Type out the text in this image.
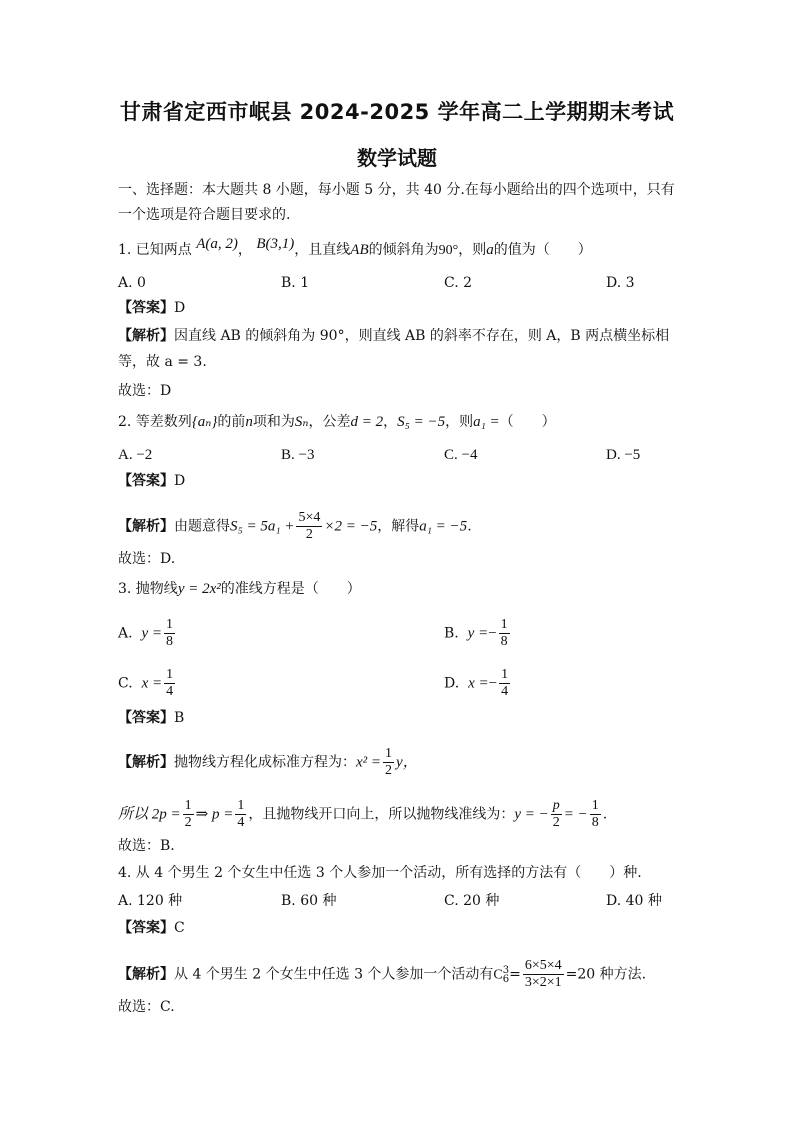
甘肃省定西市岷县 2024-2025 学年高二上学期期末考试
数学试题
一、选择题：本大题共 8 小题，每小题 5 分，共 40 分.在每小题给出的四个选项中，只有
一个选项是符合题目要求的.
1. 已知两点 A(a, 2)， B(3,1)，且直线AB的倾斜角为90°，则a的值为（　　）
A. 0	B. 1	C. 2	D. 3
【答案】D
【解析】因直线 AB 的倾斜角为 90°，则直线 AB 的斜率不存在，则 A，B 两点横坐标相
等，故 a = 3.
故选：D
2. 等差数列{aₙ}的前n项和为Sₙ，公差d = 2，S₅ = −5，则a₁ =（　　）
A. −2	B. −3	C. −4	D. −5
【答案】D
【解析】由题意得$S_5 = 5a_1 + \frac{5\times 4}{2} \times 2 = -5$，解得a₁ = −5.
故选：D.
3. 抛物线y = 2x²的准线方程是（　　）
A. $y = \frac{1}{8}$	B. $y =- \frac{1}{8}$
C. $x = \frac{1}{4}$	D. $x =- \frac{1}{4}$
【答案】B
【解析】抛物线方程化成标准方程为：$x^2 = \frac{1}{2}$ y，
所以 $2p = \frac{1}{2}$ ⇒ $p = \frac{1}{4}$ ，且抛物线开口向上，所以抛物线准线为：y = − $\frac{p}{2}$ = − $\frac{1}{8}$ .
故选：B.
4. 从 4 个男生 2 个女生中任选 3 个人参加一个活动，所有选择的方法有（　　）种.
A. 120 种	B. 60 种	C. 20 种	D. 40 种
【答案】C
【解析】从 4 个男生 2 个女生中任选 3 个人参加一个活动有C 3
$6 = \frac{6\times 5\times 4}{3\times 2\times 1} =20$ 种方法.
故选：C.
